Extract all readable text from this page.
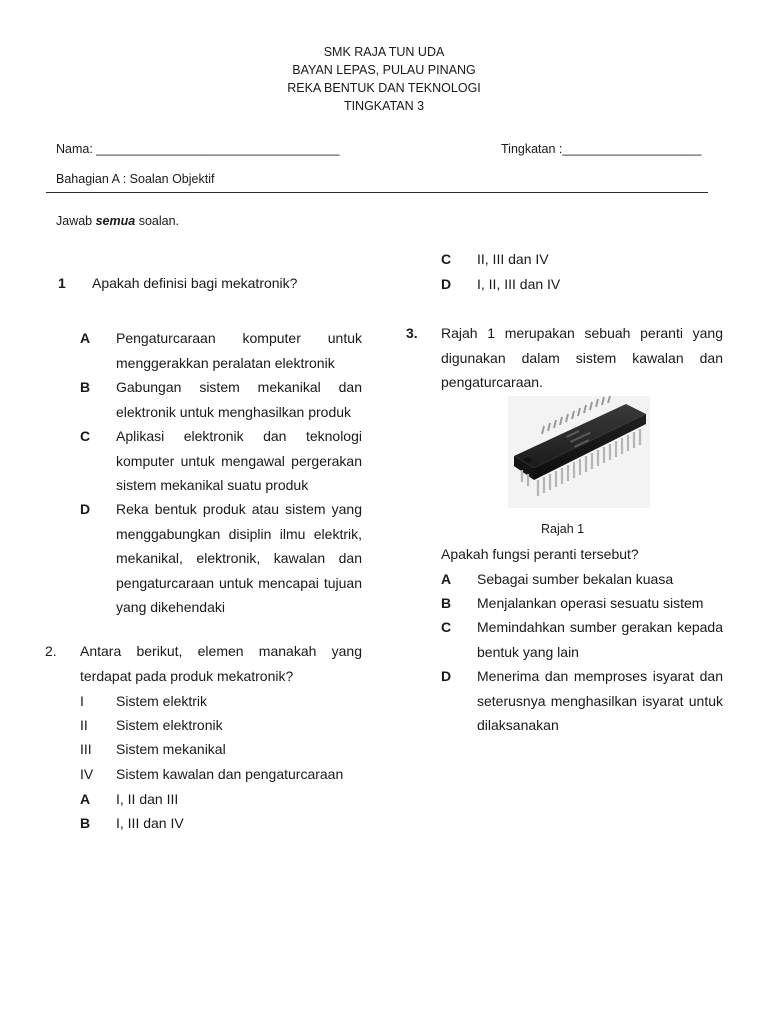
SMK RAJA TUN UDA
BAYAN LEPAS, PULAU PINANG
REKA BENTUK DAN TEKNOLOGI
TINGKATAN 3
Nama: ___________________________________	Tingkatan :____________________
Bahagian A : Soalan Objektif
Jawab semua soalan.
1 Apakah definisi bagi mekatronik?
A Pengaturcaraan komputer untuk menggerakkan peralatan elektronik
B Gabungan sistem mekanikal dan elektronik untuk menghasilkan produk
C Aplikasi elektronik dan teknologi komputer untuk mengawal pergerakan sistem mekanikal suatu produk
D Reka bentuk produk atau sistem yang menggabungkan disiplin ilmu elektrik, mekanikal, elektronik, kawalan dan pengaturcaraan untuk mencapai tujuan yang dikehendaki
2. Antara berikut, elemen manakah yang terdapat pada produk mekatronik?
I Sistem elektrik
II Sistem elektronik
III Sistem mekanikal
IV Sistem kawalan dan pengaturcaraan
A I, II dan III
B I, III dan IV
C II, III dan IV
D I, II, III dan IV
3. Rajah 1 merupakan sebuah peranti yang digunakan dalam sistem kawalan dan pengaturcaraan.
Rajah 1
Apakah fungsi peranti tersebut?
A Sebagai sumber bekalan kuasa
B Menjalankan operasi sesuatu sistem
C Memindahkan sumber gerakan kepada bentuk yang lain
D Menerima dan memproses isyarat dan seterusnya menghasilkan isyarat untuk dilaksanakan
